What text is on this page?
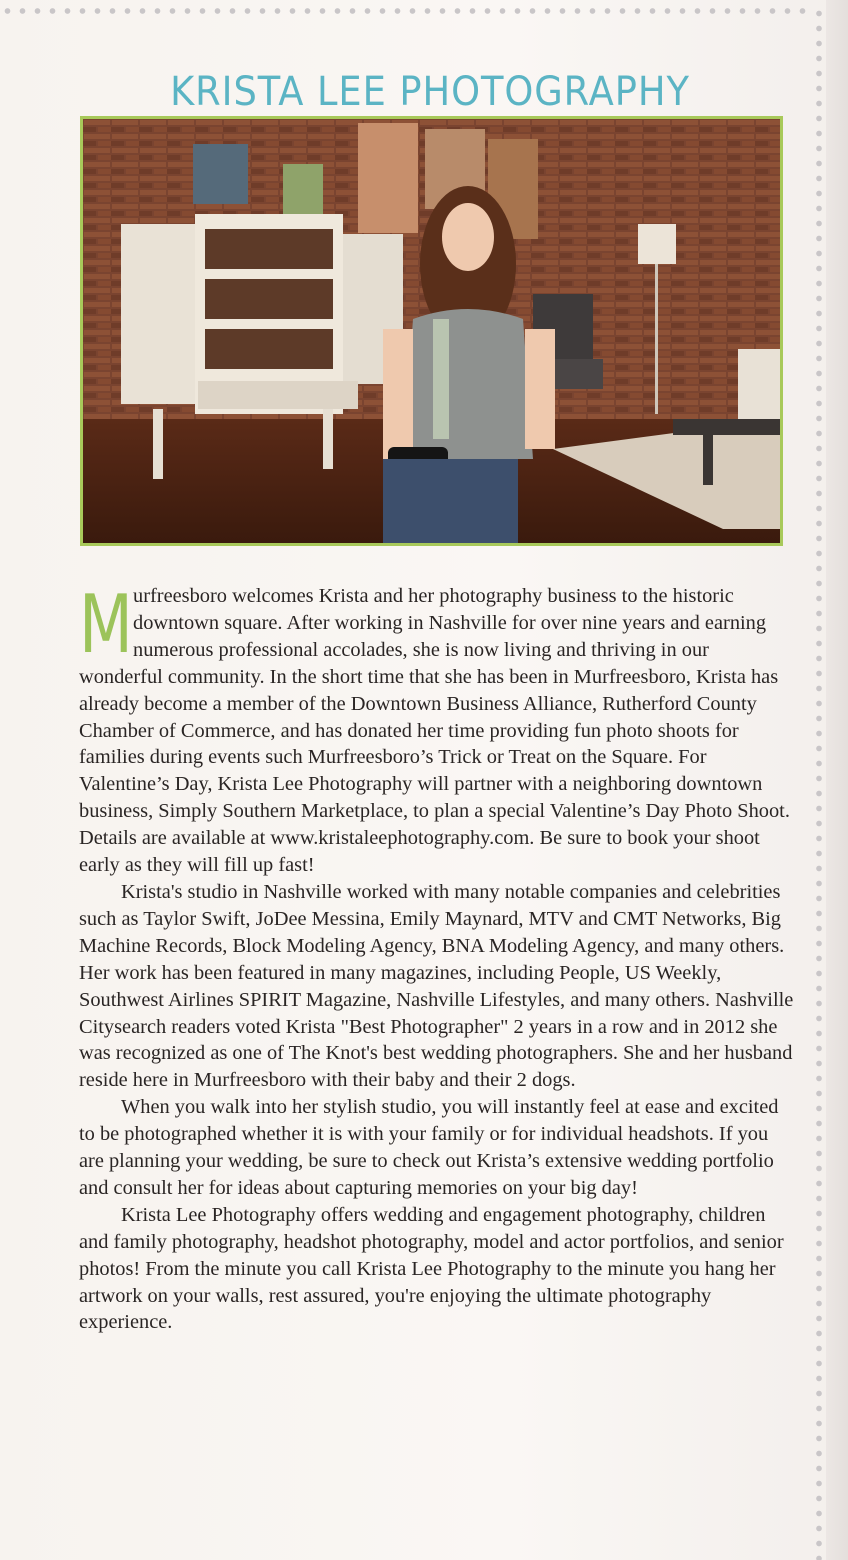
KRISTA LEE PHOTOGRAPHY

Murfreesboro welcomes Krista and her photography business to the historic downtown square. After working in Nashville for over nine years and earning numerous professional accolades, she is now living and thriving in our wonderful community. In the short time that she has been in Murfreesboro, Krista has already become a member of the Downtown Business Alliance, Rutherford County Chamber of Commerce, and has donated her time providing fun photo shoots for families during events such Murfreesboro’s Trick or Treat on the Square. For Valentine’s Day, Krista Lee Photography will partner with a neighboring downtown business, Simply Southern Marketplace, to plan a special Valentine’s Day Photo Shoot. Details are available at www.kristaleephotography.com. Be sure to book your shoot early as they will fill up fast!

Krista's studio in Nashville worked with many notable companies and celebrities such as Taylor Swift, JoDee Messina, Emily Maynard, MTV and CMT Networks, Big Machine Records, Block Modeling Agency, BNA Modeling Agency, and many others. Her work has been featured in many magazines, including People, US Weekly, Southwest Airlines SPIRIT Magazine, Nashville Lifestyles, and many others. Nashville Citysearch readers voted Krista "Best Photographer" 2 years in a row and in 2012 she was recognized as one of The Knot's best wedding photographers. She and her husband reside here in Murfreesboro with their baby and their 2 dogs.

When you walk into her stylish studio, you will instantly feel at ease and excited to be photographed whether it is with your family or for individual headshots. If you are planning your wedding, be sure to check out Krista’s extensive wedding portfolio and consult her for ideas about capturing memories on your big day!

Krista Lee Photography offers wedding and engagement photography, children and family photography, headshot photography, model and actor portfolios, and senior photos! From the minute you call Krista Lee Photography to the minute you hang her artwork on your walls, rest assured, you're enjoying the ultimate photography experience.
